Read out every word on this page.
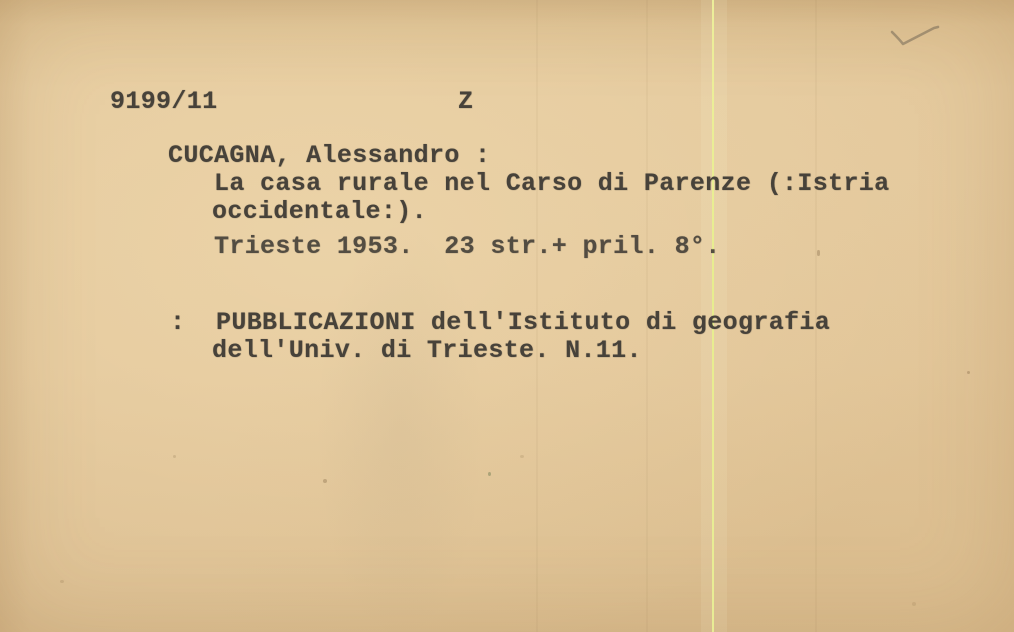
9199/11	Z
CUCAGNA, Alessandro :
La casa rurale nel Carso di Parenze (:Istria
occidentale:).
Trieste 1953.  23 str.+ pril. 8°.
: PUBBLICAZIONI dell'Istituto di geografia
dell'Univ. di Trieste. N.11.
